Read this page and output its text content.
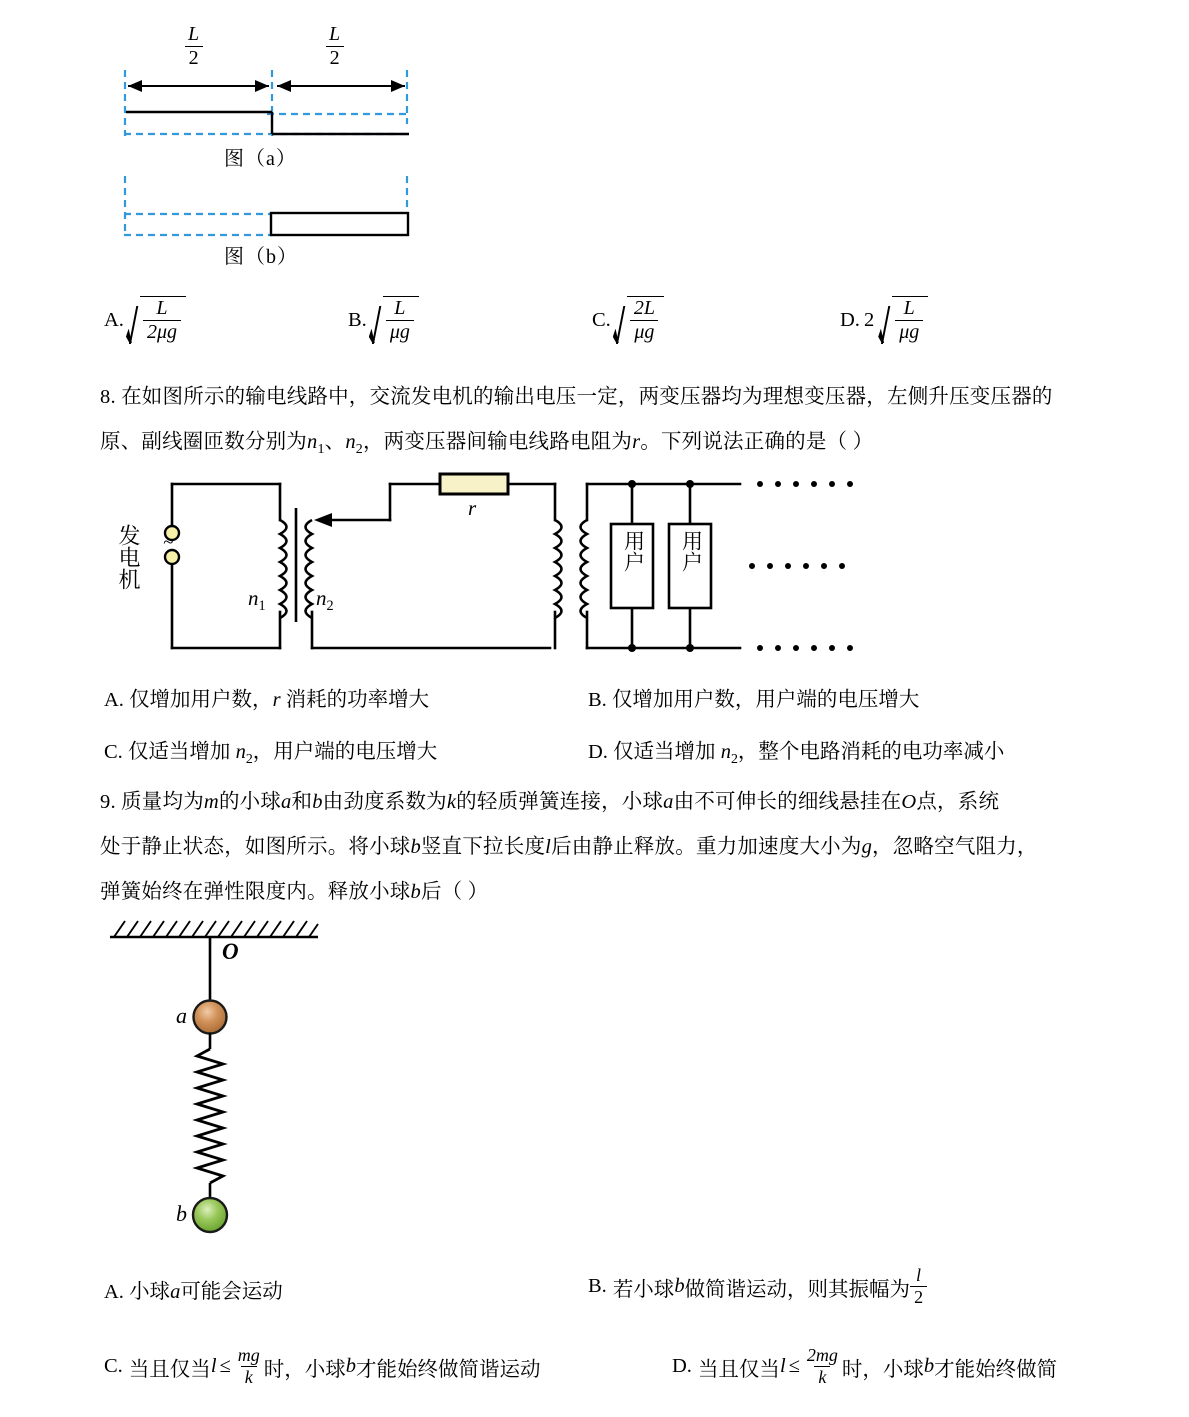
$\frac{L}{2}$	$\frac{L}{2}$
图（a）
图（b）
A. $\frac{L}{2\mu g}$	B. $\frac{L}{\mu g}$	C. $\frac{2L}{\mu g}$	D. $2 \frac{L}{\mu g}$
8. 在如图所示的输电线路中，交流发电机的输出电压一定，两变压器均为理想变压器，左侧升压变压器的
原、副线圈匝数分别为$n_1$、$n_2$，两变压器间输电线路电阻为r。下列说法正确的是（ ）
发电机 ~
$n_1$ $n_2$
r
用户 用户
A. 仅增加用户数，r 消耗的功率增大	B. 仅增加用户数，用户端的电压增大
C. 仅适当增加 $n_2$，用户端的电压增大	D. 仅适当增加 $n_2$，整个电路消耗的电功率减小
9. 质量均为m的小球a和b由劲度系数为k的轻质弹簧连接，小球a由不可伸长的细线悬挂在O点，系统
处于静止状态，如图所示。将小球b竖直下拉长度l后由静止释放。重力加速度大小为g，忽略空气阻力，
弹簧始终在弹性限度内。释放小球b后（ ）
O
a
b
A. 小球a可能会运动	B. 若小球 b 做简谐运动，则其振幅为 $\frac{l}{2}$
C. 当且仅当 $l \le \frac{mg}{k}$ 时，小球 b 才能始终做简谐运动	D. 当且仅当 $l \le \frac{2mg}{k}$ 时，小球 b 才能始终做简
